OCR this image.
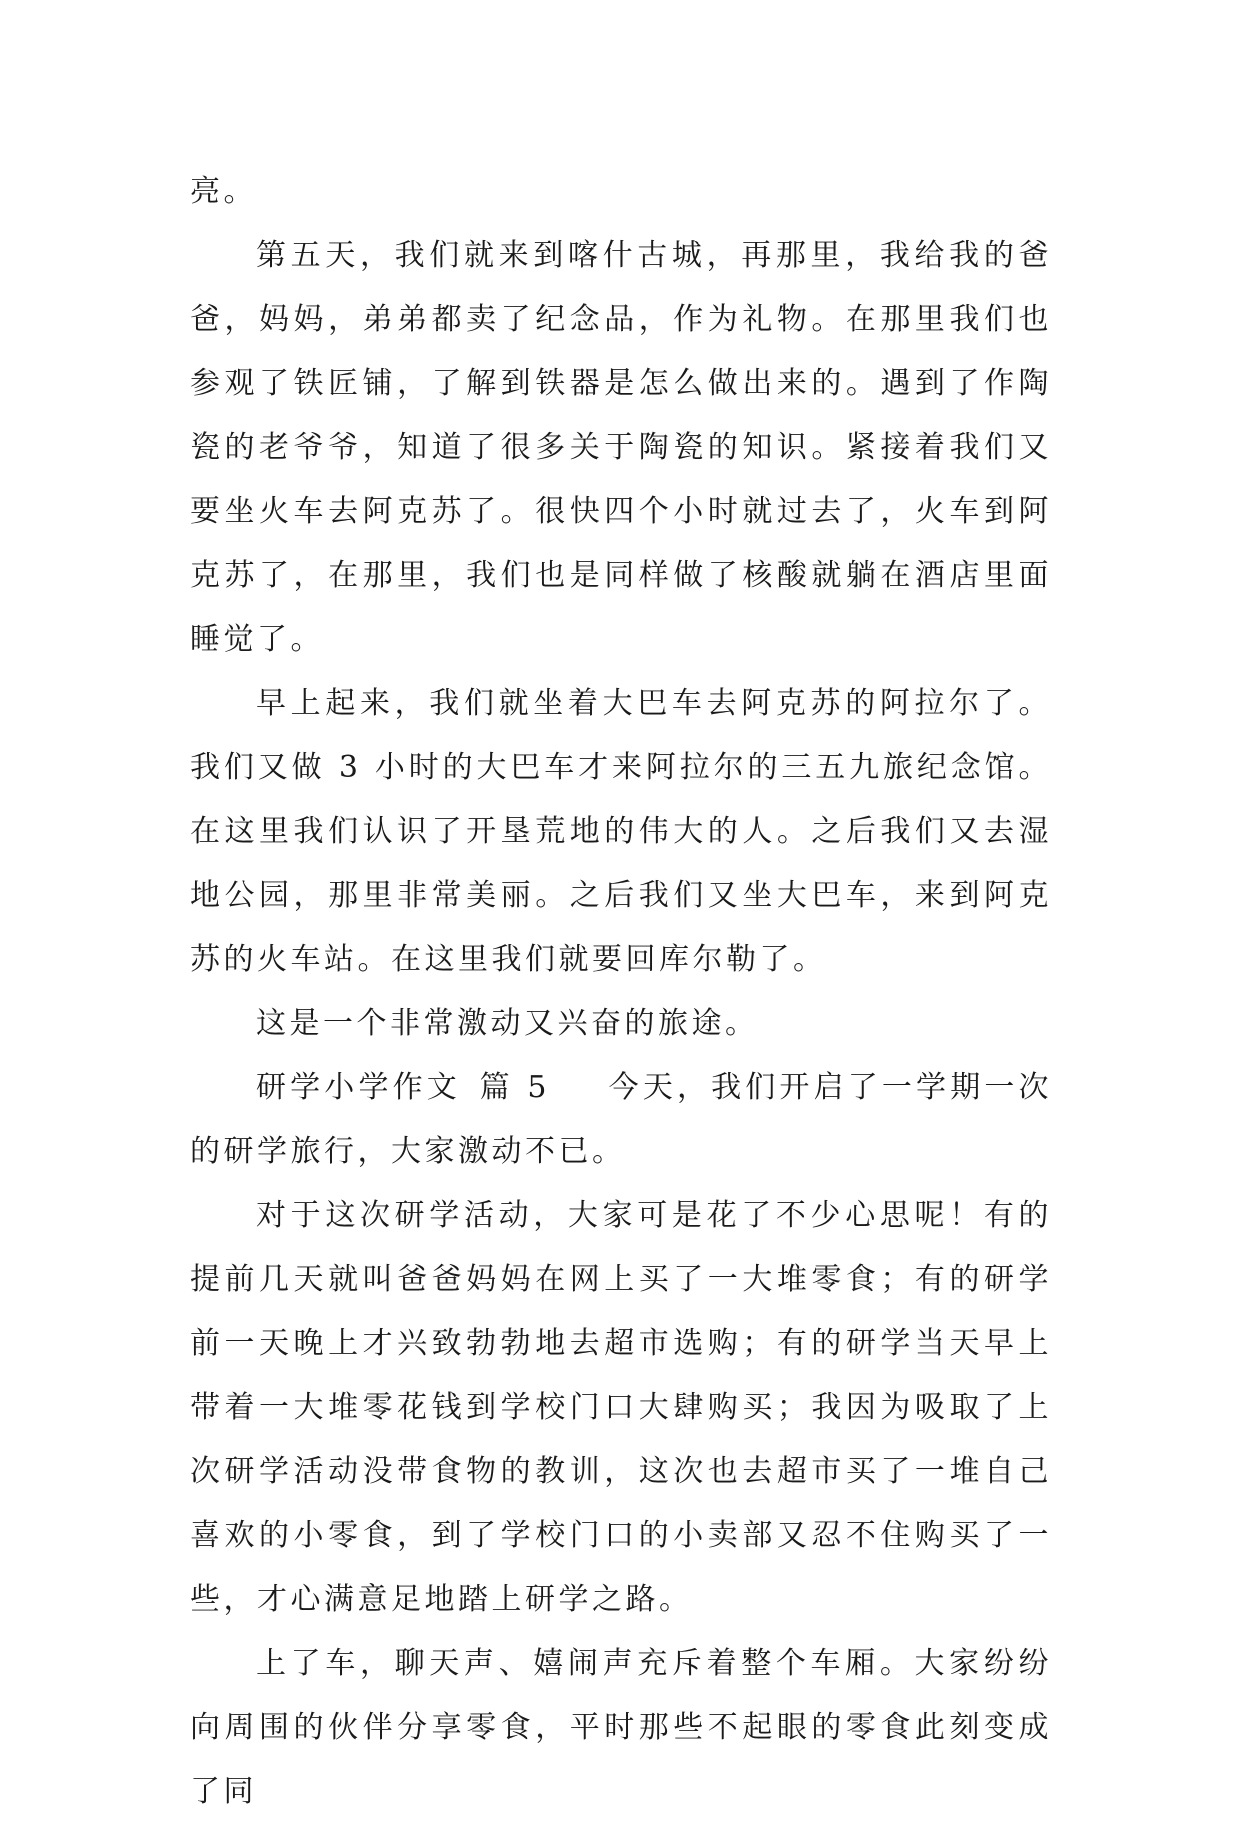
亮。

第五天，我们就来到喀什古城，再那里，我给我的爸爸，妈妈，弟弟都卖了纪念品，作为礼物。在那里我们也参观了铁匠铺，了解到铁器是怎么做出来的。遇到了作陶瓷的老爷爷，知道了很多关于陶瓷的知识。紧接着我们又要坐火车去阿克苏了。很快四个小时就过去了，火车到阿克苏了，在那里，我们也是同样做了核酸就躺在酒店里面睡觉了。

早上起来，我们就坐着大巴车去阿克苏的阿拉尔了。我们又做 3 小时的大巴车才来阿拉尔的三五九旅纪念馆。在这里我们认识了开垦荒地的伟大的人。之后我们又去湿地公园，那里非常美丽。之后我们又坐大巴车，来到阿克苏的火车站。在这里我们就要回库尔勒了。

这是一个非常激动又兴奋的旅途。

研学小学作文 篇 5 今天，我们开启了一学期一次的研学旅行，大家激动不已。

对于这次研学活动，大家可是花了不少心思呢！有的提前几天就叫爸爸妈妈在网上买了一大堆零食；有的研学前一天晚上才兴致勃勃地去超市选购；有的研学当天早上带着一大堆零花钱到学校门口大肆购买；我因为吸取了上次研学活动没带食物的教训，这次也去超市买了一堆自己喜欢的小零食，到了学校门口的小卖部又忍不住购买了一些，才心满意足地踏上研学之路。

上了车，聊天声、嬉闹声充斥着整个车厢。大家纷纷向周围的伙伴分享零食，平时那些不起眼的零食此刻变成了同
